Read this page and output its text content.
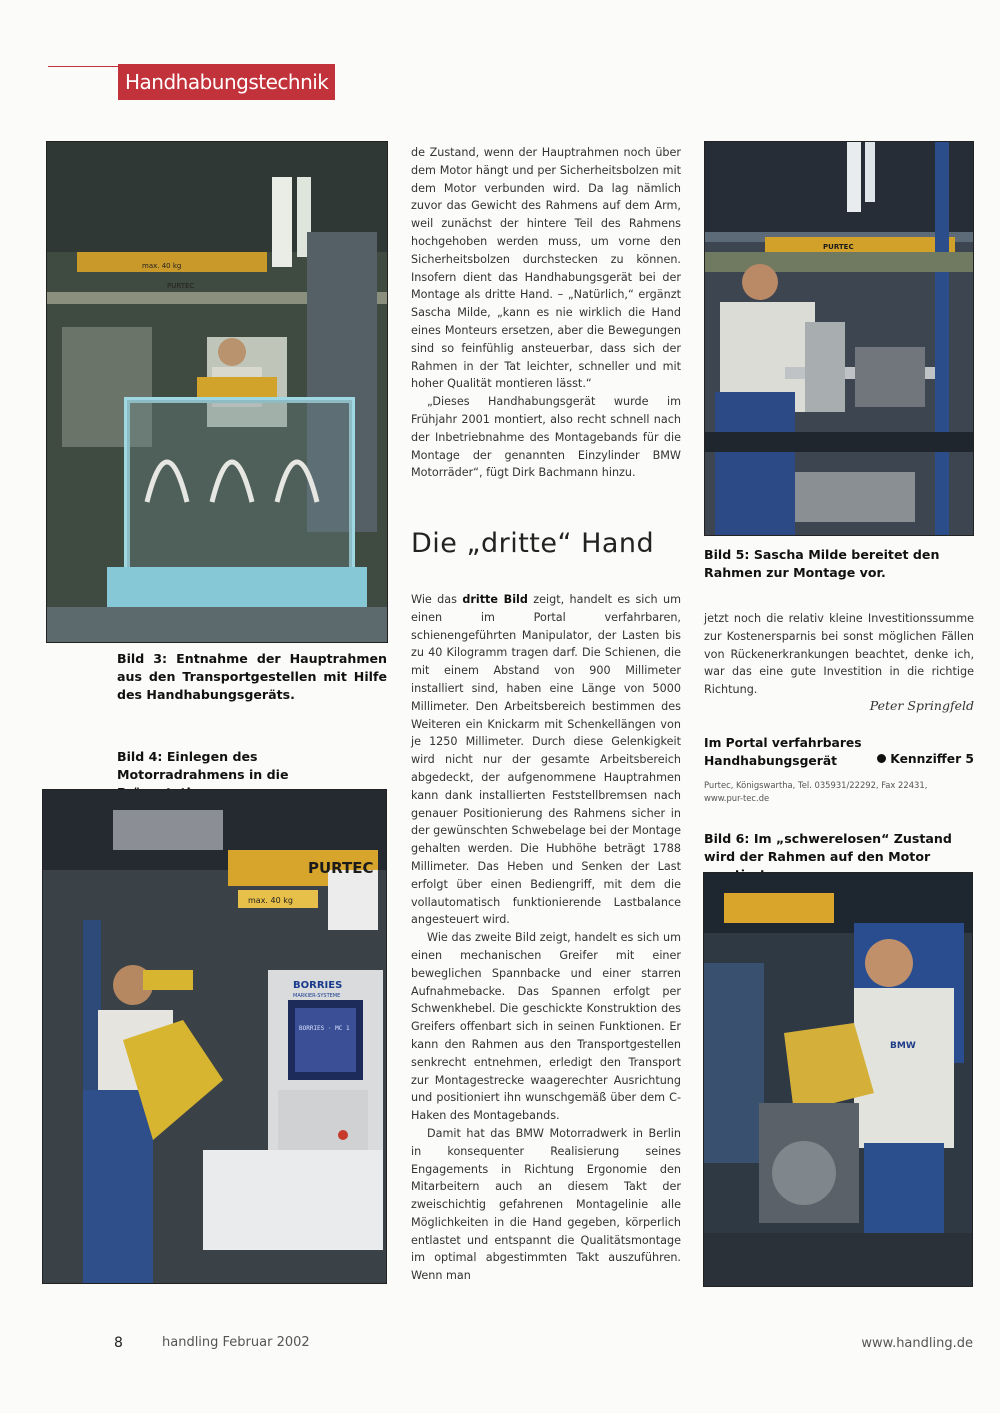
Handhabungstechnik
max. 40 kg
PURTEC

Bild 3: Entnahme der Hauptrahmen aus den Transportgestellen mit Hilfe des Handhabungsgeräts.

Bild 4: Einlegen des Motorradrahmens in die

PURTEC
max. 40 kg
BORRIES
MARKIER-SYSTEME
BORRIES · MC 1

de Zustand, wenn der Hauptrahmen noch über dem Motor hängt und per Sicherheitsbolzen mit dem Motor verbunden wird. Da lag nämlich zuvor das Gewicht des Rahmens auf dem Arm, weil zunächst der hintere Teil des Rahmens hochgehoben werden muss, um vorne den Sicherheitsbolzen durchstecken zu können. Insofern dient das Handhabungsgerät bei der Montage als dritte Hand. – „Natürlich,“ ergänzt Sascha Milde, „kann es nie wirklich die Hand eines Monteurs ersetzen, aber die Bewegungen sind so feinfühlig ansteuerbar, dass sich der Rahmen in der Tat leichter, schneller und mit hoher Qualität montieren lässt.“

„Dieses Handhabungsgerät wurde im Frühjahr 2001 montiert, also recht schnell nach der Inbetriebnahme des Montagebands für die Montage der genannten Einzylinder BMW Motorräder“, fügt Dirk Bachmann hinzu.

Die „dritte“ Hand

Wie das dritte Bild zeigt, handelt es sich um einen im Portal verfahrbaren, schienengeführten Manipulator, der Lasten bis zu 40 Kilogramm tragen darf. Die Schienen, die mit einem Abstand von 900 Millimeter installiert sind, haben eine Länge von 5000 Millimeter. Den Arbeitsbereich bestimmen des Weiteren ein Knickarm mit Schenkellängen von je 1250 Millimeter. Durch diese Gelenkigkeit wird nicht nur der gesamte Arbeitsbereich abgedeckt, der aufgenommene Hauptrahmen kann dank installierten Feststellbremsen nach genauer Positionierung des Rahmens sicher in der gewünschten Schwebelage bei der Montage gehalten werden. Die Hubhöhe beträgt 1788 Millimeter. Das Heben und Senken der Last erfolgt über einen Bediengriff, mit dem die vollautomatisch funktionierende Lastbalance angesteuert wird.

Wie das zweite Bild zeigt, handelt es sich um einen mechanischen Greifer mit einer beweglichen Spannbacke und einer starren Aufnahmebacke. Das Spannen erfolgt per Schwenkhebel. Die geschickte Konstruktion des Greifers offenbart sich in seinen Funktionen. Er kann den Rahmen aus den Transportgestellen senkrecht entnehmen, erledigt den Transport zur Montagestrecke waagerechter Ausrichtung und positioniert ihn wunschgemäß über dem C-Haken des Montagebands.

Damit hat das BMW Motorradwerk in Berlin in konsequenter Realisierung seines Engagements in Richtung Ergonomie den Mitarbeitern auch an diesem Takt der zweischichtig gefahrenen Montagelinie alle Möglichkeiten in die Hand gegeben, körperlich entlastet und entspannt die Qualitätsmontage im optimal abgestimmten Takt auszuführen. Wenn man

PURTEC

Bild 5: Sascha Milde bereitet den Rahmen zur Montage vor.

jetzt noch die relativ kleine Investitionssumme zur Kostenersparnis bei sonst möglichen Fällen von Rückenerkrankungen beachtet, denke ich, war das eine gute Investition in die richtige Richtung.

Peter Springfeld
Im Portal verfahrbares Handhabungsgerät	Kennziffer 5
Purtec, Königswartha, Tel. 035931/22292, Fax 22431,
www.pur-tec.de

Bild 6: Im „schwerelosen“ Zustand wird der Rahmen auf den Motor

BMW
8	handling Februar 2002	www.handling.de
